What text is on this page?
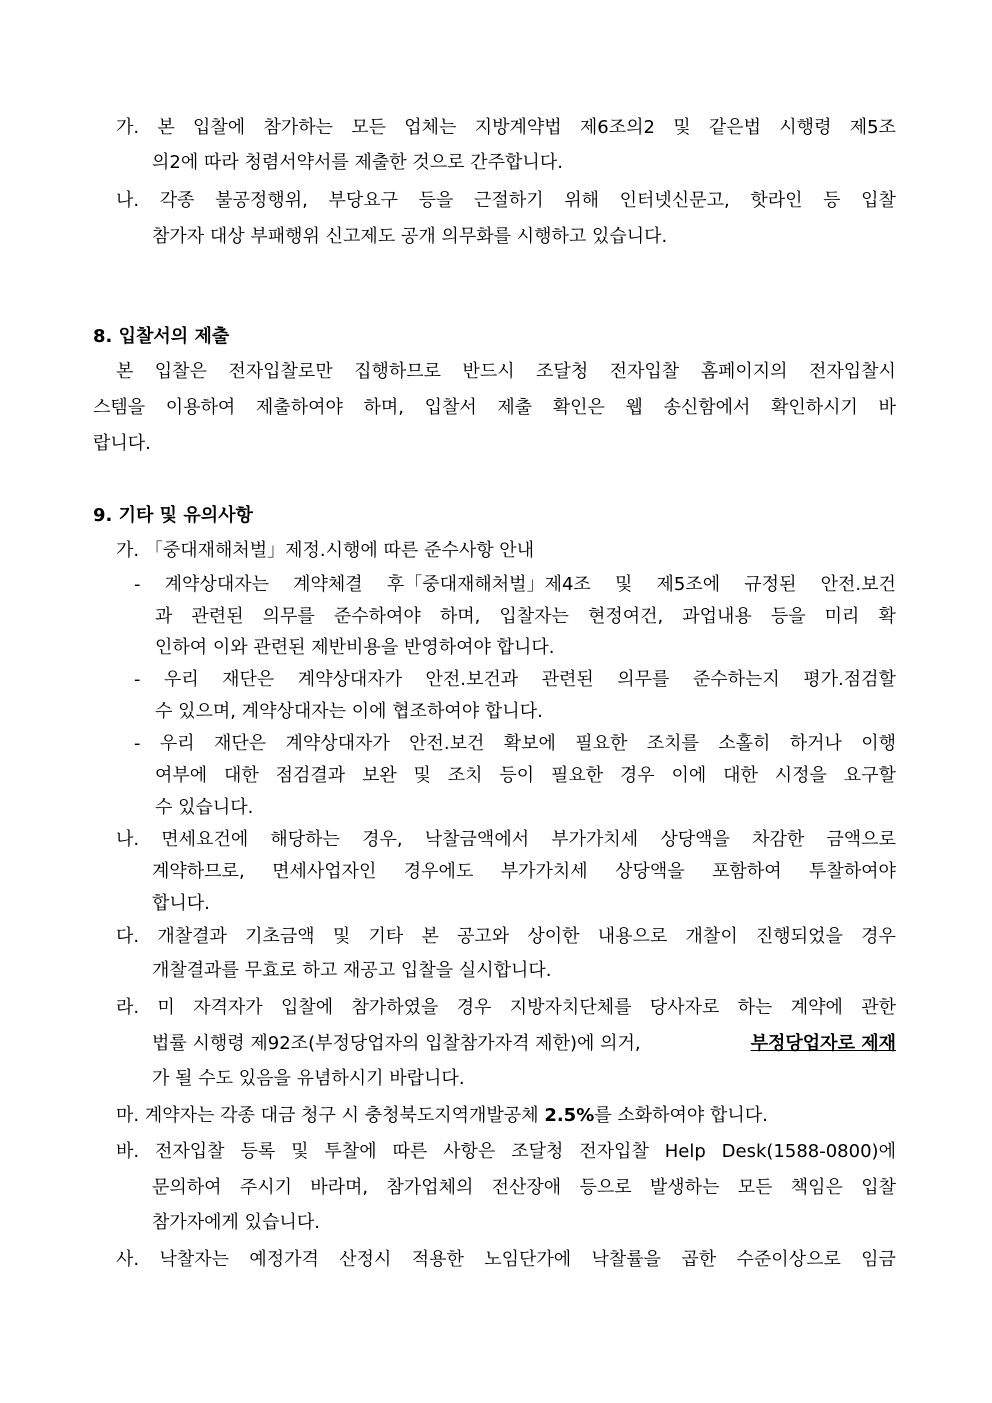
가. 본 입찰에 참가하는 모든 업체는 지방계약법 제6조의2 및 같은법 시행령 제5조
의2에 따라 청렴서약서를 제출한 것으로 간주합니다.
나. 각종 불공정행위, 부당요구 등을 근절하기 위해 인터넷신문고, 핫라인 등 입찰
참가자 대상 부패행위 신고제도 공개 의무화를 시행하고 있습니다.
8. 입찰서의 제출
본 입찰은 전자입찰로만 집행하므로 반드시 조달청 전자입찰 홈페이지의 전자입찰시
스템을 이용하여 제출하여야 하며, 입찰서 제출 확인은 웹 송신함에서 확인하시기 바
랍니다.
9. 기타 및 유의사항
가. 「중대재해처벌」제정.시행에 따른 준수사항 안내
- 계약상대자는 계약체결 후「중대재해처벌」제4조 및 제5조에 규정된 안전.보건
과 관련된 의무를 준수하여야 하며, 입찰자는 현정여건, 과업내용 등을 미리 확
인하여 이와 관련된 제반비용을 반영하여야 합니다.
- 우리 재단은 계약상대자가 안전.보건과 관련된 의무를 준수하는지 평가.점검할
수 있으며, 계약상대자는 이에 협조하여야 합니다.
- 우리 재단은 계약상대자가 안전.보건 확보에 필요한 조치를 소홀히 하거나 이행
여부에 대한 점검결과 보완 및 조치 등이 필요한 경우 이에 대한 시정을 요구할
수 있습니다.
나. 면세요건에 해당하는 경우, 낙찰금액에서 부가가치세 상당액을 차감한 금액으로
계약하므로, 면세사업자인 경우에도 부가가치세 상당액을 포함하여 투찰하여야
합니다.
다. 개찰결과 기초금액 및 기타 본 공고와 상이한 내용으로 개찰이 진행되었을 경우
개찰결과를 무효로 하고 재공고 입찰을 실시합니다.
라. 미 자격자가 입찰에 참가하였을 경우 지방자치단체를 당사자로 하는 계약에 관한
법률 시행령 제92조(부정당업자의 입찰참가자격 제한)에 의거,	부정당업자로 제재
가 될 수도 있음을 유념하시기 바랍니다.
마. 계약자는 각종 대금 청구 시 충청북도지역개발공체 2.5%를 소화하여야 합니다.
바. 전자입찰 등록 및 투찰에 따른 사항은 조달청 전자입찰 Help Desk(1588-0800)에
문의하여 주시기 바라며, 참가업체의 전산장애 등으로 발생하는 모든 책임은 입찰
참가자에게 있습니다.
사. 낙찰자는 예정가격 산정시 적용한 노임단가에 낙찰률을 곱한 수준이상으로 임금
